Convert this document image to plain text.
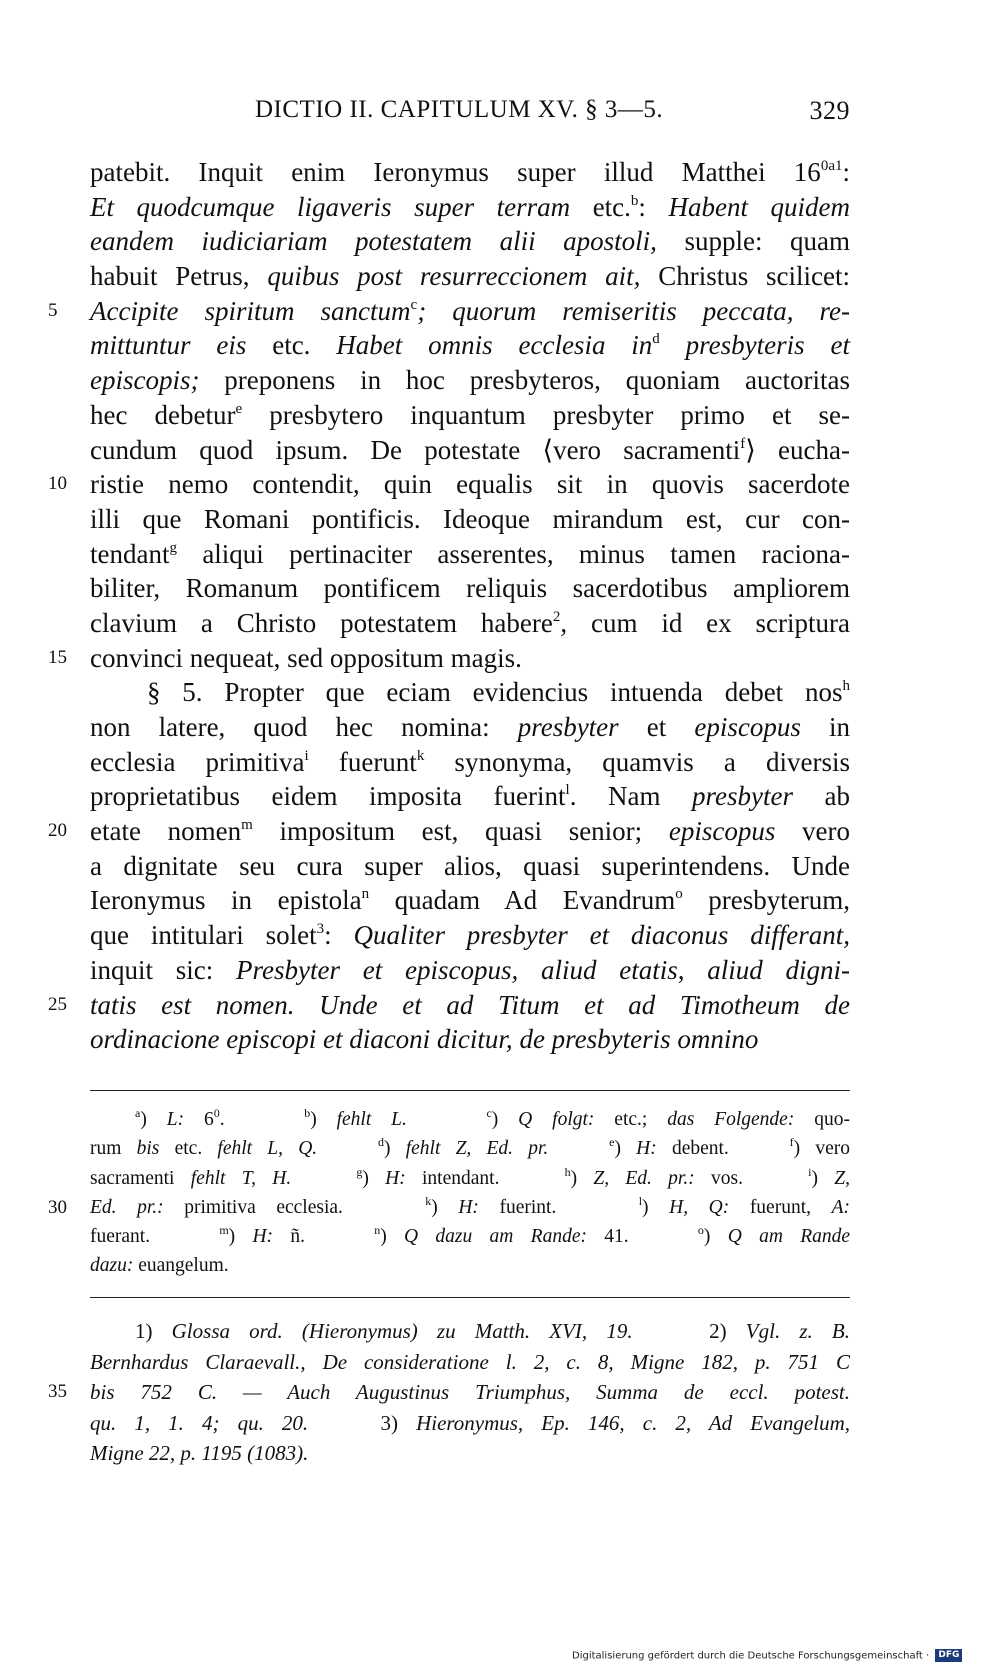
DICTIO II. CAPITULUM XV. § 3—5.	329
patebit. Inquit enim Ieronymus super illud Matthei $16^{0a1}$:
Et quodcumque ligaveris super terram etc.$^b$: Habent quidem
eandem iudiciariam potestatem alii apostoli, supple: quam
habuit Petrus, quibus post resurreccionem ait, Christus scilicet:
5	Accipite spiritum sanctum$^c$; quorum remiseritis peccata, re-
mittuntur eis etc. Habet omnis ecclesia $in^d$ presbyteris et
episcopis; preponens in hoc presbyteros, quoniam auctoritas
hec debetur$^e$ presbytero inquantum presbyter primo et se-
cundum quod ipsum. De potestate ⟨vero sacramenti$^f$⟩ eucha-
10 ristie nemo contendit, quin equalis sit in quovis sacerdote
illi que Romani pontificis. Ideoque mirandum est, cur con-
tendant$^g$ aliqui pertinaciter asserentes, minus tamen raciona-
biliter, Romanum pontificem reliquis sacerdotibus ampliorem
clavium a Christo potestatem habere$^2$, cum id ex scriptura
15 convinci nequeat, sed oppositum magis.
§ 5. Propter que eciam evidencius intuenda debet nos$^h$
non latere, quod hec nomina: presbyter et episcopus in
ecclesia primitiva$^i$ fuerunt$^k$ synonyma, quamvis a diversis
proprietatibus eidem imposita fuerint$^l$. Nam presbyter ab
20 etate nomen$^m$ impositum est, quasi senior; episcopus vero
a dignitate seu cura super alios, quasi superintendens. Unde
Ieronymus in epistola$^n$ quadam Ad Evandrum$^o$ presbyterum,
que intitulari solet$^3$: Qualiter presbyter et diaconus differant,
inquit sic: Presbyter et episcopus, aliud etatis, aliud digni-
25 tatis est nomen. Unde et ad Titum et ad Timotheum de
ordinacione episcopi et diaconi dicitur, de presbyteris omnino
$^a$) L: $6^0$.    $^b$) fehlt L.	$^c$) Q folgt: etc.; das Folgende: quo-
rum bis etc. fehlt L, Q.	$^d$) fehlt Z, Ed. pr.	$^e$) H: debent.    $^f$) vero
sacramenti fehlt T, H.	$^g$) H: intendant.    $^h$) Z, Ed. pr.: vos.    $^i$) Z,
30	Ed. pr.: primitiva ecclesia.    $^k$) H: fuerint.    $^l$) H, Q: fuerunt, A:
fuerant.    $^m$) H: ñ.    $^n$) Q dazu am Rande: 41.    $^o$) Q am Rande
dazu: euangelum.
1) Glossa ord. (Hieronymus) zu Matth. XVI, 19.    2) Vgl. z. B.
Bernhardus Claraevall., De consideratione l. 2, c. 8, Migne 182, p. 751 C
35	bis 752 C. — Auch Augustinus Triumphus, Summa de eccl. potest.
qu. 1, 1. 4; qu. 20.    3) Hieronymus, Ep. 146, c. 2, Ad Evangelum,
Migne 22, p. 1195 (1083).
Digitalisierung gefördert durch die Deutsche Forschungsgemeinschaft · DFG
